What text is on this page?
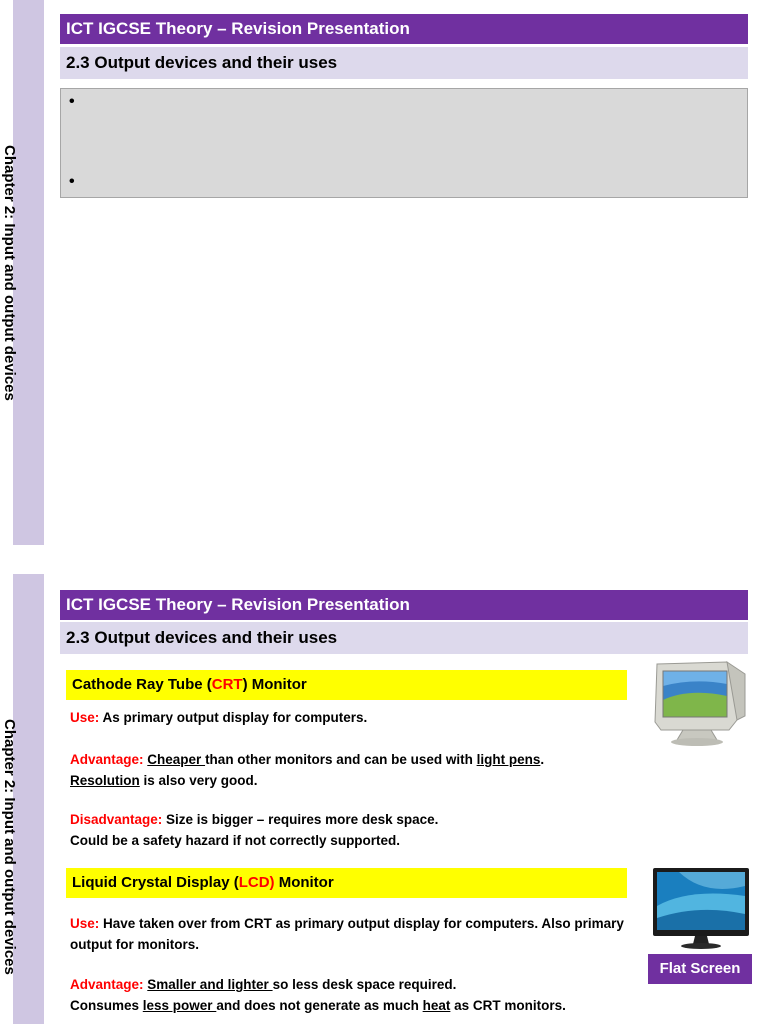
Chapter 2: Input and output devices
ICT IGCSE Theory – Revision Presentation
2.3 Output devices and their uses
•
•
Chapter 2: Input and output devices
ICT IGCSE Theory – Revision Presentation
2.3 Output devices and their uses
Cathode Ray Tube (CRT) Monitor
Use: As primary output display for computers.
Advantage: Cheaper than other monitors and can be used with light pens.
Resolution is also very good.
Disadvantage: Size is bigger – requires more desk space.
Could be a safety hazard if not correctly supported.
Liquid Crystal Display (LCD) Monitor
Use: Have taken over from CRT as primary output display for computers. Also primary output for monitors.
Advantage: Smaller and lighter so less desk space required.
Consumes less power and does not generate as much heat as CRT monitors.
Flat Screen
